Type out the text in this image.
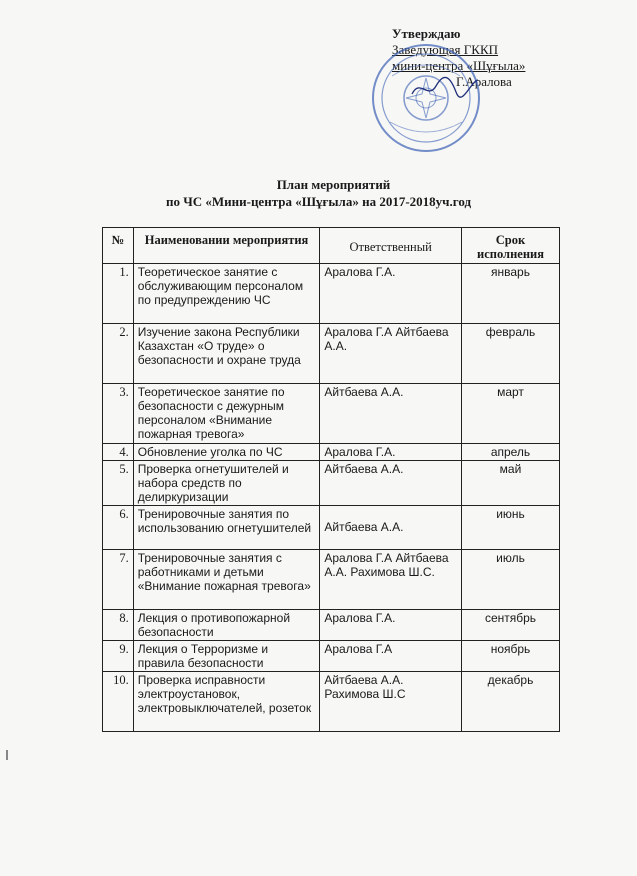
Утверждаю
Заведующая ГККП
мини-центра «Шұғыла»
Г.Аралова
План мероприятий
по ЧС «Мини-центра «Шұғыла» на 2017-2018уч.год
№	Наименовании мероприятия	Ответственный	Срок исполнения
1.	Теоретическое занятие с обслуживающим персоналом по предупреждению ЧС	Аралова Г.А.	январь
2.	Изучение закона Республики Казахстан «О труде» о безопасности и охране труда	Аралова Г.А Айтбаева А.А.	февраль
3.	Теоретическое занятие по безопасности с дежурным персоналом «Внимание пожарная тревога»	Айтбаева А.А.	март
4.	Обновление уголка по ЧС	Аралова Г.А.	апрель
5.	Проверка огнетушителей и набора средств по делиркуризации	Айтбаева А.А.	май
6.	Тренировочные занятия по использованию огнетушителей	Айтбаева А.А.	июнь
7.	Тренировочные занятия с работниками и детьми «Внимание пожарная тревога»	Аралова Г.А Айтбаева А.А. Рахимова Ш.С.	июль
8.	Лекция о противопожарной безопасности	Аралова Г.А.	сентябрь
9.	Лекция о Терроризме и правила безопасности	Аралова Г.А	ноябрь
10.	Проверка исправности электроустановок, электровыключателей, розеток	Айтбаева А.А. Рахимова Ш.С	декабрь
